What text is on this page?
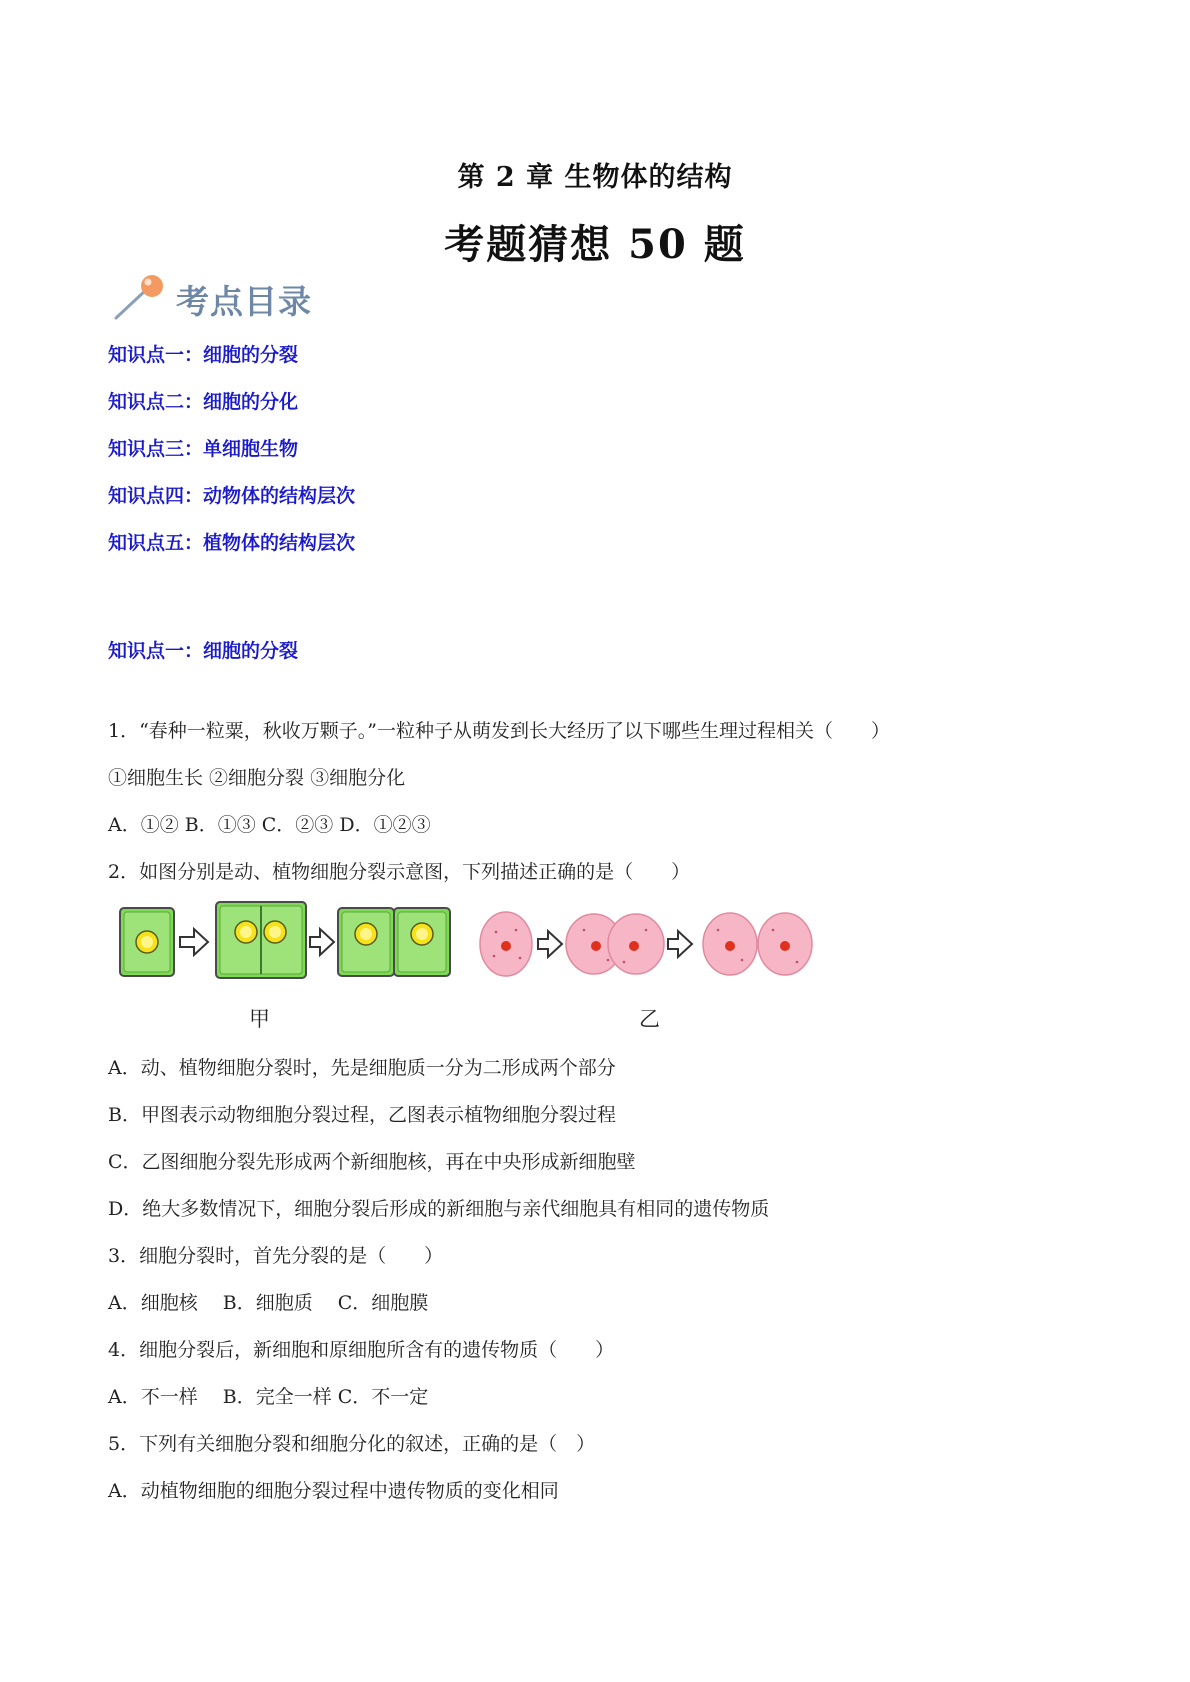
第 2 章 生物体的结构
考题猜想 50 题
考点目录
知识点一：细胞的分裂
知识点二：细胞的分化
知识点三：单细胞生物
知识点四：动物体的结构层次
知识点五：植物体的结构层次
知识点一：细胞的分裂
1．“春种一粒粟，秋收万颗子。”一粒种子从萌发到长大经历了以下哪些生理过程相关（　　）
①细胞生长 ②细胞分裂 ③细胞分化
A．①② B．①③ C．②③ D．①②③
2．如图分别是动、植物细胞分裂示意图，下列描述正确的是（　　）
甲	乙
A．动、植物细胞分裂时，先是细胞质一分为二形成两个部分
B．甲图表示动物细胞分裂过程，乙图表示植物细胞分裂过程
C．乙图细胞分裂先形成两个新细胞核，再在中央形成新细胞壁
D．绝大多数情况下，细胞分裂后形成的新细胞与亲代细胞具有相同的遗传物质
3．细胞分裂时，首先分裂的是（　　）
A．细胞核　 B．细胞质　 C．细胞膜
4．细胞分裂后，新细胞和原细胞所含有的遗传物质（　　）
A．不一样　 B．完全一样 C．不一定
5．下列有关细胞分裂和细胞分化的叙述，正确的是（　）
A．动植物细胞的细胞分裂过程中遗传物质的变化相同
